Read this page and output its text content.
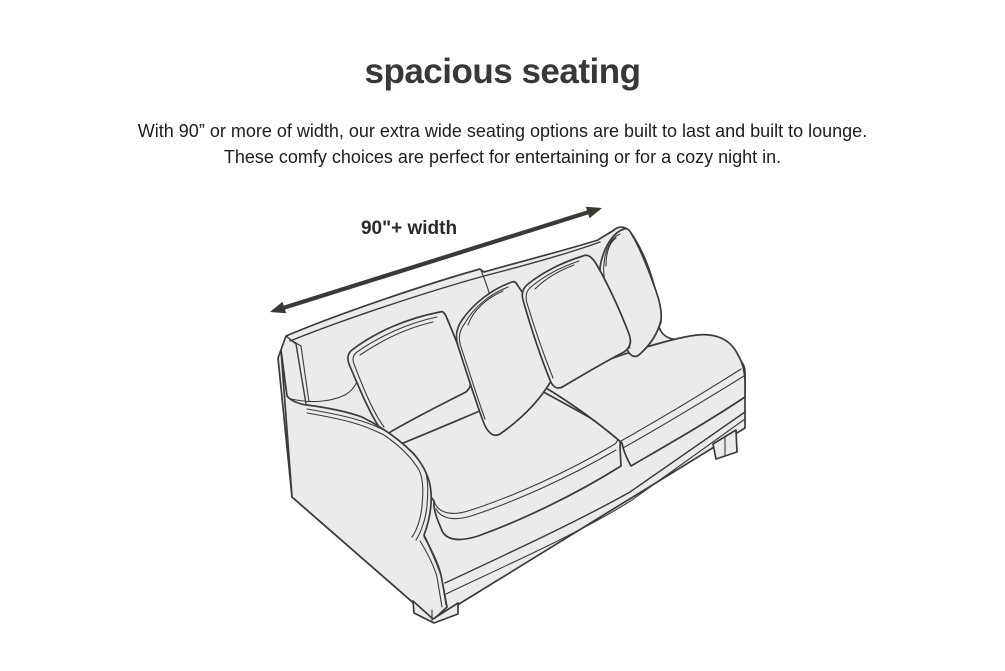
spacious seating

With 90” or more of width, our extra wide seating options are built to last and built to lounge.
These comfy choices are perfect for entertaining or for a cozy night in.

90"+ width
